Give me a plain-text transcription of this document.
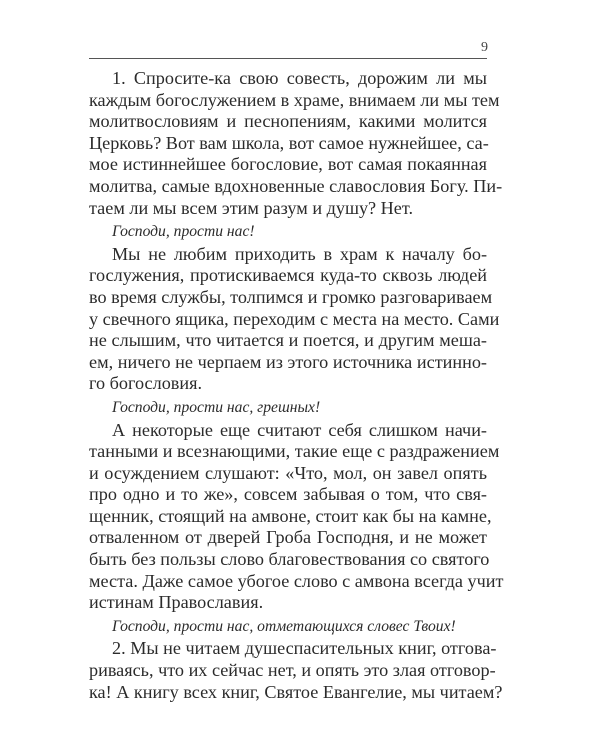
9
1. Спросите-ка свою совесть, дорожим ли мы
каждым богослужением в храме, внимаем ли мы тем
молитвословиям и песнопениям, какими молится
Церковь? Вот вам школа, вот самое нужнейшее, са-
мое истиннейшее богословие, вот самая покаянная
молитва, самые вдохновенные славословия Богу. Пи-
таем ли мы всем этим разум и душу? Нет.

Господи, прости нас!

Мы не любим приходить в храм к началу бо-
гослужения, протискиваемся куда-то сквозь людей
во время службы, толпимся и громко разговариваем
у свечного ящика, переходим с места на место. Сами
не слышим, что читается и поется, и другим меша-
ем, ничего не черпаем из этого источника истинно-
го богословия.

Господи, прости нас, грешных!

А некоторые еще считают себя слишком начи-
танными и всезнающими, такие еще с раздражением
и осуждением слушают: «Что, мол, он завел опять
про одно и то же», совсем забывая о том, что свя-
щенник, стоящий на амвоне, стоит как бы на камне,
отваленном от дверей Гроба Господня, и не может
быть без пользы слово благовествования со святого
места. Даже самое убогое слово с амвона всегда учит
истинам Православия.

Господи, прости нас, отметающихся словес Твоих!

2. Мы не читаем душеспасительных книг, отгова-
риваясь, что их сейчас нет, и опять это злая отговор-
ка! А книгу всех книг, Святое Евангелие, мы читаем?
